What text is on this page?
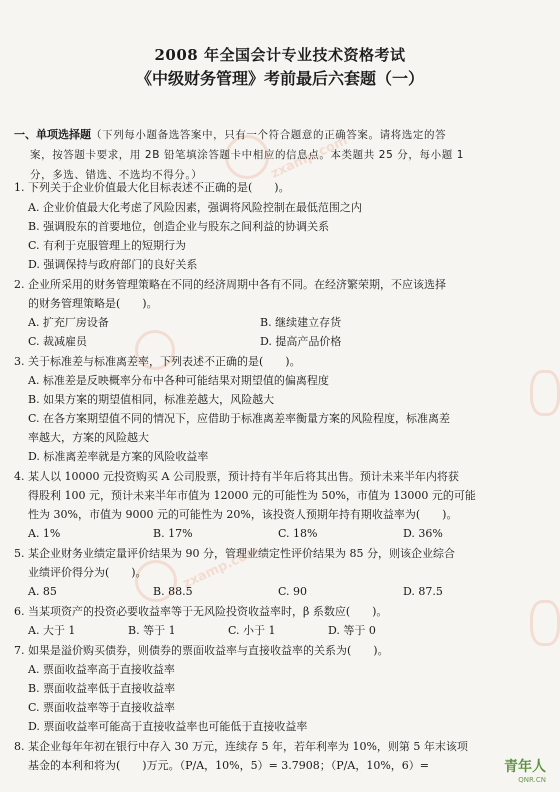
zxamp.com
zxamp.com
2008 年全国会计专业技术资格考试
《中级财务管理》考前最后六套题（一）
一、单项选择题（下列每小题备选答案中，只有一个符合题意的正确答案。请将选定的答
案，按答题卡要求，用 2B 铅笔填涂答题卡中相应的信息点。本类题共 25 分，每小题 1
分，多选、错选、不选均不得分。）
1. 下列关于企业价值最大化目标表述不正确的是(　　)。
A. 企业价值最大化考虑了风险因素，强调将风险控制在最低范围之内
B. 强调股东的首要地位，创造企业与股东之间利益的协调关系
C. 有利于克服管理上的短期行为
D. 强调保持与政府部门的良好关系
2. 企业所采用的财务管理策略在不同的经济周期中各有不同。在经济繁荣期，不应该选择
的财务管理策略是(　　)。
A. 扩充厂房设备	B. 继续建立存货
C. 裁减雇员	D. 提高产品价格
3. 关于标准差与标准离差率，下列表述不正确的是(　　)。
A. 标准差是反映概率分布中各种可能结果对期望值的偏离程度
B. 如果方案的期望值相同，标准差越大，风险越大
C. 在各方案期望值不同的情况下，应借助于标准离差率衡量方案的风险程度，标准离差
率越大，方案的风险越大
D. 标准离差率就是方案的风险收益率
4. 某人以 10000 元投资购买 A 公司股票，预计持有半年后将其出售。预计未来半年内将获
得股利 100 元，预计未来半年市值为 12000 元的可能性为 50%，市值为 13000 元的可能
性为 30%，市值为 9000 元的可能性为 20%，该投资人预期年持有期收益率为(　　)。
A. 1%	B. 17%	C. 18%	D. 36%
5. 某企业财务业绩定量评价结果为 90 分，管理业绩定性评价结果为 85 分，则该企业综合
业绩评价得分为(　　)。
A. 85	B. 88.5	C. 90	D. 87.5
6. 当某项资产的投资必要收益率等于无风险投资收益率时，β 系数应(　　)。
A. 大于 1	B. 等于 1	C. 小于 1	D. 等于 0
7. 如果是溢价购买债券，则债券的票面收益率与直接收益率的关系为(　　)。
A. 票面收益率高于直接收益率
B. 票面收益率低于直接收益率
C. 票面收益率等于直接收益率
D. 票面收益率可能高于直接收益率也可能低于直接收益率
8. 某企业每年年初在银行中存入 30 万元，连续存 5 年，若年利率为 10%，则第 5 年末该项
基金的本利和将为(　　)万元。（P/A，10%，5）= 3.7908；（P/A，10%，6）=	青年人
QNR.CN
